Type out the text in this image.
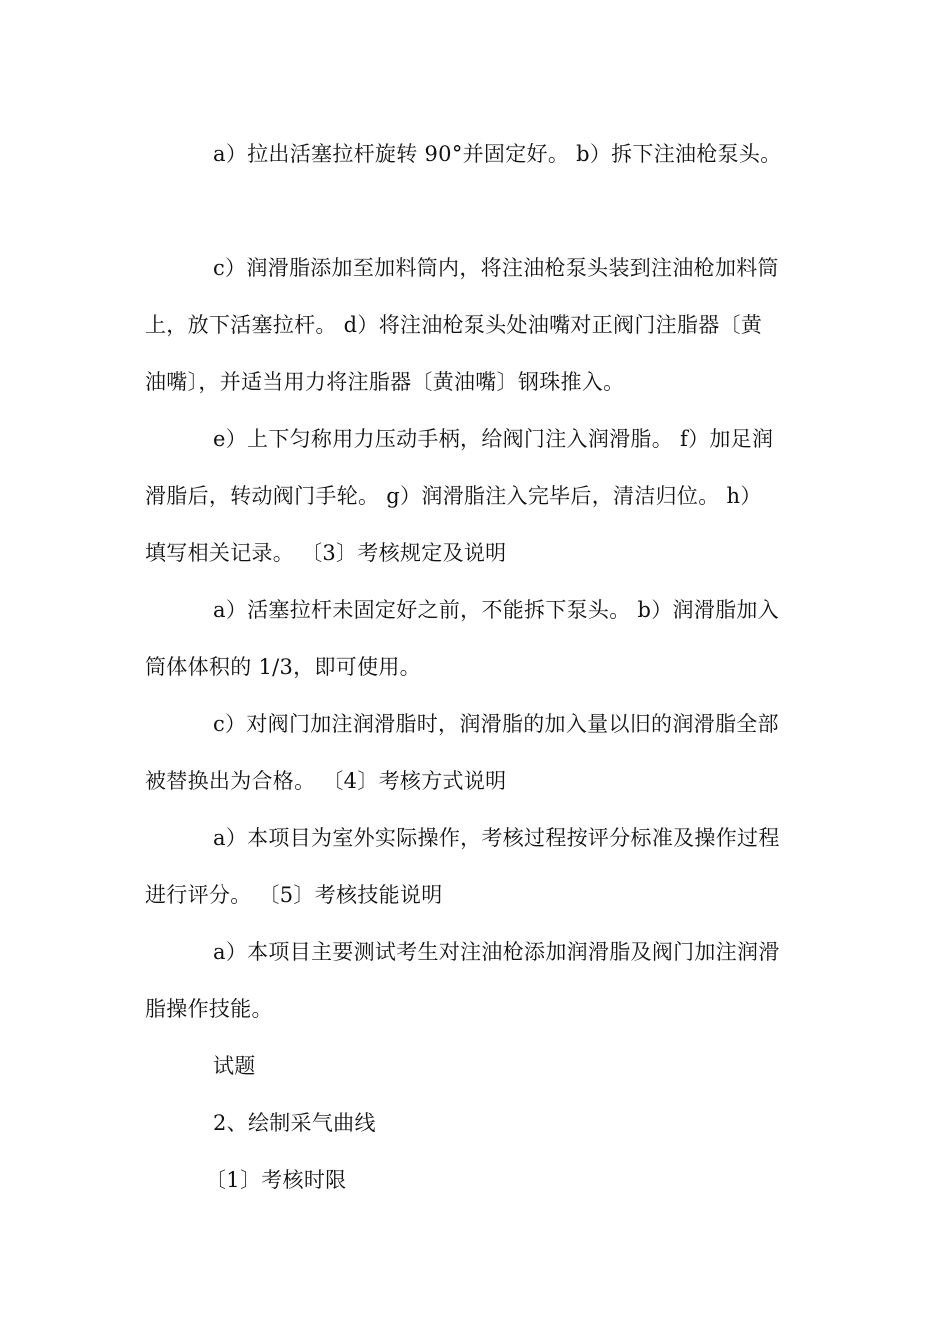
a）拉出活塞拉杆旋转 90°并固定好。 b）拆下注油枪泵头。
c）润滑脂添加至加料筒内，将注油枪泵头装到注油枪加料筒
上，放下活塞拉杆。 d）将注油枪泵头处油嘴对正阀门注脂器〔黄
油嘴〕，并适当用力将注脂器〔黄油嘴〕钢珠推入。
e）上下匀称用力压动手柄，给阀门注入润滑脂。 f）加足润
滑脂后，转动阀门手轮。 g）润滑脂注入完毕后，清洁归位。 h）
填写相关记录。 〔3〕考核规定及说明
a）活塞拉杆未固定好之前，不能拆下泵头。 b）润滑脂加入
筒体体积的 1/3，即可使用。
c）对阀门加注润滑脂时，润滑脂的加入量以旧的润滑脂全部
被替换出为合格。 〔4〕考核方式说明
a）本项目为室外实际操作，考核过程按评分标准及操作过程
进行评分。 〔5〕考核技能说明
a）本项目主要测试考生对注油枪添加润滑脂及阀门加注润滑
脂操作技能。
试题
2、绘制采气曲线
〔1〕考核时限
